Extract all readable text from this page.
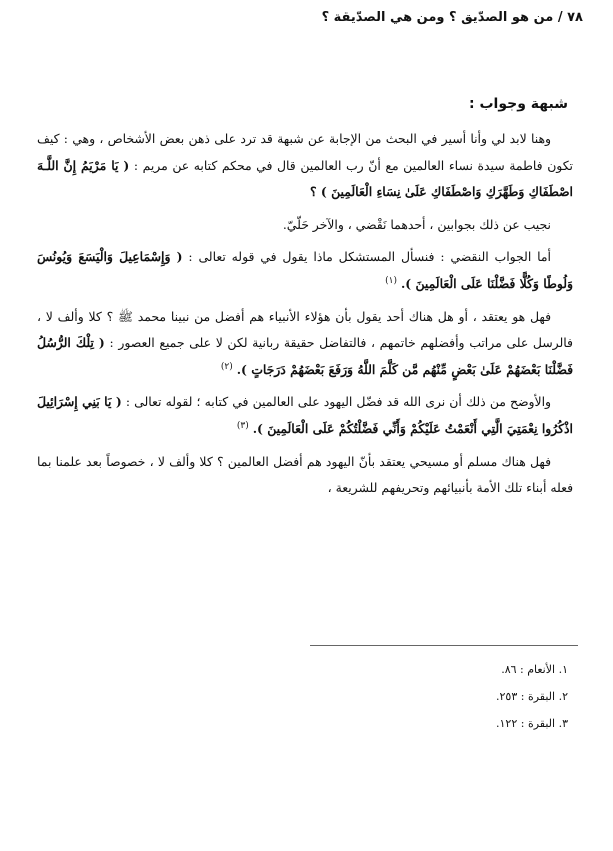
٧٨ / من هو الصدّيق ؟ ومن هي الصدّيقة ؟
شبهة وجواب :

وهنا لابد لي وأنا أسير في البحث من الإجابة عن شبهة قد ترد على ذهن بعض الأشخاص ، وهي : كيف تكون فاطمة سيدة نساء العالمين مع أنّ رب العالمين قال في محكم كتابه عن مريم : ( يَا مَرْيَمُ إِنَّ اللَّـهَ اصْطَفَاكِ وَطَهَّرَكِ وَاصْطَفَاكِ عَلَىٰ نِسَاءِ الْعَالَمِينَ ) ؟

نجيب عن ذلك بجوابين ، أحدهما نَقْضي ، والآخر حَلّيّ.

أما الجواب النقضي : فنسأل المستشكل ماذا يقول في قوله تعالى : ( وَإِسْمَاعِيلَ وَالْيَسَعَ وَيُونُسَ وَلُوطًا وَكُلًّا فَضَّلْنَا عَلَى الْعَالَمِينَ ). $^{(١)}$

فهل هو يعتقد ، أو هل هناك أحد يقول بأن هؤلاء الأنبياء هم أفضل من نبينا محمد ﷺ ؟ كلا وألف لا ، فالرسل على مراتب وأفضلهم خاتمهم ، فالتفاضل حقيقة ربانية لكن لا على جميع العصور : ( تِلْكَ الرُّسُلُ فَضَّلْنَا بَعْضَهُمْ عَلَىٰ بَعْضٍ مِّنْهُم مَّن كَلَّمَ اللَّهُ وَرَفَعَ بَعْضَهُمْ دَرَجَاتٍ ). $^{(٢)}$

والأوضح من ذلك أن نرى الله قد فضّل اليهود على العالمين في كتابه ؛ لقوله تعالى : ( يَا بَنِي إِسْرَائِيلَ اذْكُرُوا نِعْمَتِيَ الَّتِي أَنْعَمْتُ عَلَيْكُمْ وَأَنِّي فَضَّلْتُكُمْ عَلَى الْعَالَمِينَ ). $^{(٣)}$

فهل هناك مسلم أو مسيحي يعتقد بأنّ اليهود هم أفضل العالمين ؟ كلا وألف لا ، خصوصاً بعد علمنا بما فعله أبناء تلك الأمة بأنبيائهم وتحريفهم للشريعة ،

١. الأنعام : ٨٦.
٢. البقرة : ٢٥٣.
٣. البقرة : ١٢٢.
